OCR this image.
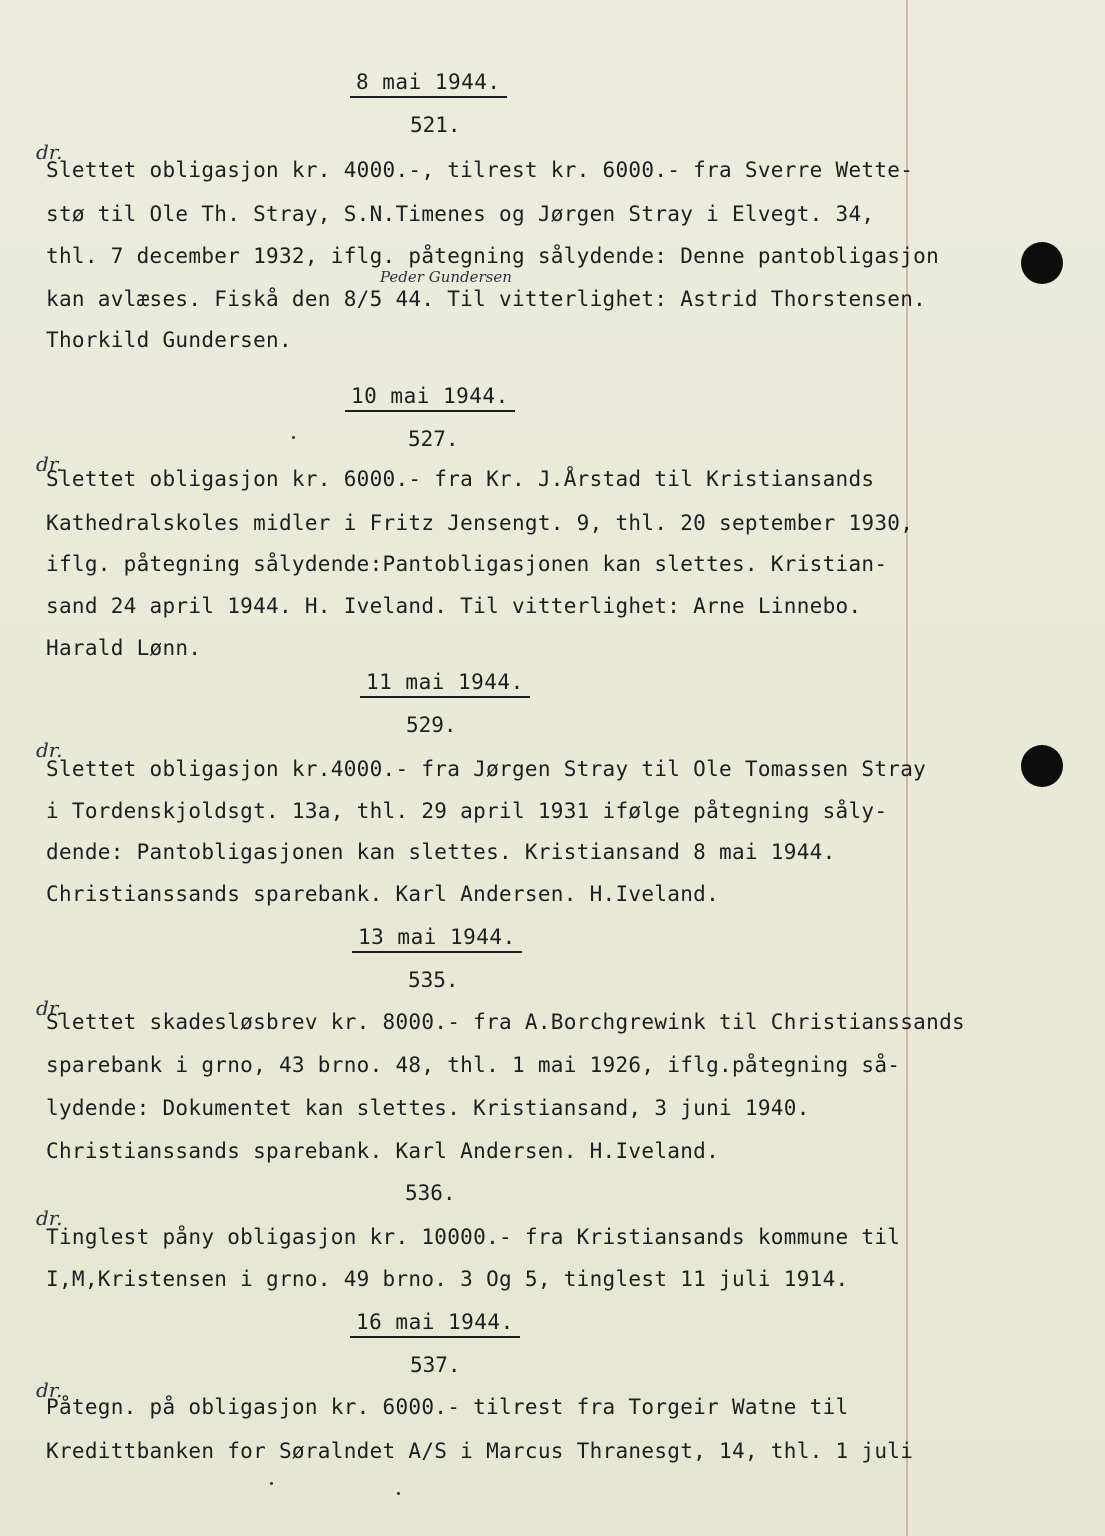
8 mai 1944.
521.
dr.
Slettet obligasjon kr. 4000.-, tilrest kr. 6000.- fra Sverre Wette-
stø til Ole Th. Stray, S.N.Timenes og Jørgen Stray i Elvegt. 34,
thl. 7 december 1932, iflg. påtegning sålydende: Denne pantobligasjon
Peder Gundersen
kan avlæses. Fiskå den 8/5 44. Til vitterlighet: Astrid Thorstensen.
Thorkild Gundersen.
10 mai 1944.
527.
dr.
Slettet obligasjon kr. 6000.- fra Kr. J.Årstad til Kristiansands
Kathedralskoles midler i Fritz Jensengt. 9, thl. 20 september 1930,
iflg. påtegning sålydende:Pantobligasjonen kan slettes. Kristian-
sand 24 april 1944. H. Iveland. Til vitterlighet: Arne Linnebo.
Harald Lønn.
11 mai 1944.
529.
dr.
Slettet obligasjon kr.4000.- fra Jørgen Stray til Ole Tomassen Stray
i Tordenskjoldsgt. 13a, thl. 29 april 1931 ifølge påtegning såly-
dende: Pantobligasjonen kan slettes. Kristiansand 8 mai 1944.
Christianssands sparebank. Karl Andersen. H.Iveland.
13 mai 1944.
535.
dr.
Slettet skadesløsbrev kr. 8000.- fra A.Borchgrewink til Christianssands
sparebank i grno, 43 brno. 48, thl. 1 mai 1926, iflg.påtegning så-
lydende: Dokumentet kan slettes. Kristiansand, 3 juni 1940.
Christianssands sparebank. Karl Andersen. H.Iveland.
536.
dr.
Tinglest påny obligasjon kr. 10000.- fra Kristiansands kommune til
I,M,Kristensen i grno. 49 brno. 3 Og 5, tinglest 11 juli 1914.
16 mai 1944.
537.
dr.
Påtegn. på obligasjon kr. 6000.- tilrest fra Torgeir Watne til
Kredittbanken for Søralndet A/S i Marcus Thranesgt, 14, thl. 1 juli
